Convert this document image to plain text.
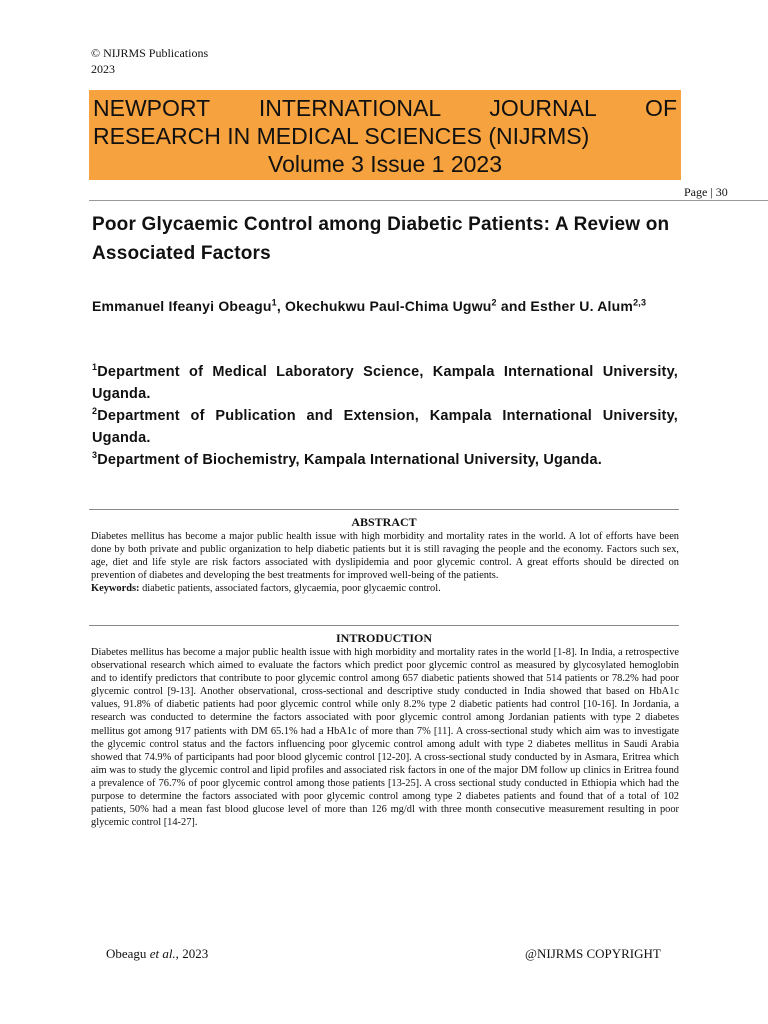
© NIJRMS Publications
2023
NEWPORT INTERNATIONAL JOURNAL OF
RESEARCH IN MEDICAL SCIENCES (NIJRMS)
Volume 3 Issue 1 2023
Page | 30
Poor Glycaemic Control among Diabetic Patients: A Review on Associated Factors
Emmanuel Ifeanyi Obeagu$^1$, Okechukwu Paul-Chima Ugwu$^2$ and Esther U. Alum$^{2,3}$
$^1$Department of Medical Laboratory Science, Kampala International University, Uganda.
$^2$Department of Publication and Extension, Kampala International University, Uganda.
$^3$Department of Biochemistry, Kampala International University, Uganda.
ABSTRACT
Diabetes mellitus has become a major public health issue with high morbidity and mortality rates in the world. A lot of efforts have been done by both private and public organization to help diabetic patients but it is still ravaging the people and the economy. Factors such sex, age, diet and life style are risk factors associated with dyslipidemia and poor glycemic control. A great efforts should be directed on prevention of diabetes and developing the best treatments for improved well-being of the patients.
Keywords: diabetic patients, associated factors, glycaemia, poor glycaemic control.
INTRODUCTION
Diabetes mellitus has become a major public health issue with high morbidity and mortality rates in the world [1-8]. In India, a retrospective observational research which aimed to evaluate the factors which predict poor glycemic control as measured by glycosylated hemoglobin and to identify predictors that contribute to poor glycemic control among 657 diabetic patients showed that 514 patients or 78.2% had poor glycemic control [9-13]. Another observational, cross-sectional and descriptive study conducted in India showed that based on HbA1c values, 91.8% of diabetic patients had poor glycemic control while only 8.2% type 2 diabetic patients had control [10-16]. In Jordania, a research was conducted to determine the factors associated with poor glycemic control among Jordanian patients with type 2 diabetes mellitus got among 917 patients with DM 65.1% had a HbA1c of more than 7% [11]. A cross-sectional study which aim was to investigate the glycemic control status and the factors influencing poor glycemic control among adult with type 2 diabetes mellitus in Saudi Arabia showed that 74.9% of participants had poor blood glycemic control [12-20]. A cross-sectional study conducted by in Asmara, Eritrea which aim was to study the glycemic control and lipid profiles and associated risk factors in one of the major DM follow up clinics in Eritrea found a prevalence of 76.7% of poor glycemic control among those patients [13-25]. A cross sectional study conducted in Ethiopia which had the purpose to determine the factors associated with poor glycemic control among type 2 diabetes patients and found that of a total of 102 patients, 50% had a mean fast blood glucose level of more than 126 mg/dl with three month consecutive measurement resulting in poor glycemic control [14-27].
Obeagu et al., 2023	@NIJRMS COPYRIGHT
